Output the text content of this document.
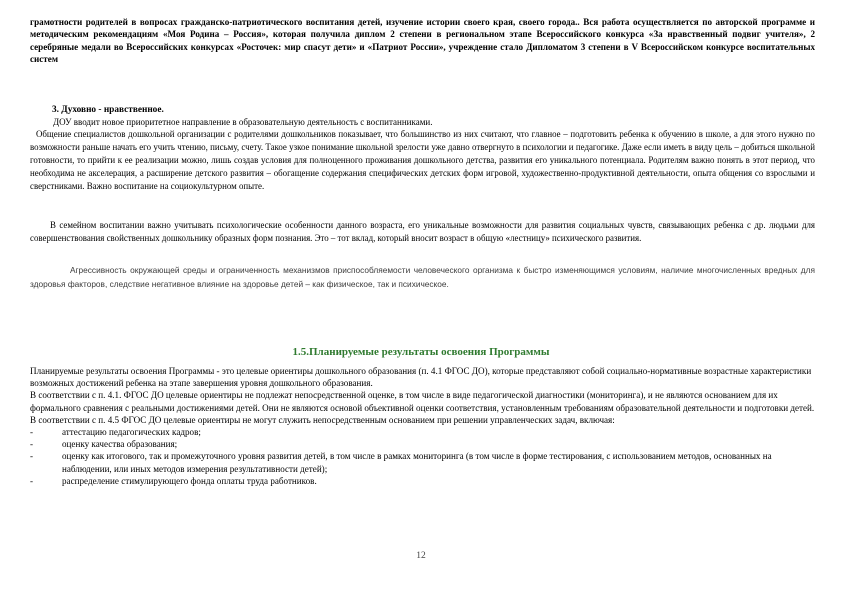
грамотности родителей в вопросах гражданско-патриотического воспитания детей, изучение истории своего края, своего города.. Вся работа осуществляется по авторской программе и методическим рекомендациям «Моя Родина – Россия», которая получила диплом 2 степени в региональном этапе Всероссийского конкурса «За нравственный подвиг учителя», 2 серебряные медали во Всероссийских конкурсах «Росточек: мир спасут дети» и «Патриот России», учреждение стало Дипломатом 3 степени в V Всероссийском конкурсе воспитательных систем

3. Духовно - нравственное.

ДОУ вводит новое приоритетное направление в образовательную деятельность с воспитанниками.

Общение специалистов дошкольной организации с родителями дошкольников показывает, что большинство из них считают, что главное – подготовить ребенка к обучению в школе, а для этого нужно по возможности раньше начать его учить чтению, письму, счету. Такое узкое понимание школьной зрелости уже давно отвергнуто в психологии и педагогике. Даже если иметь в виду цель – добиться школьной готовности, то прийти к ее реализации можно, лишь создав условия для полноценного проживания дошкольного детства, развития его уникального потенциала. Родителям важно понять в этот период, что необходима не акселерация, а расширение детского развития – обогащение содержания специфических детских форм игровой, художественно-продуктивной деятельности, опыта общения со взрослыми и сверстниками. Важно воспитание на социокультурном опыте.

В семейном воспитании важно учитывать психологические особенности данного возраста, его уникальные возможности для развития социальных чувств, связывающих ребенка с др. людьми для совершенствования свойственных дошкольнику образных форм познания. Это – тот вклад, который вносит возраст в общую «лестницу» психического развития.

Агрессивность окружающей среды и ограниченность механизмов приспособляемости человеческого организма к быстро изменяющимся условиям, наличие многочисленных вредных для здоровья факторов, следствие негативное влияние на здоровье детей – как физическое, так и психическое.

1.5.Планируемые результаты освоения Программы

Планируемые результаты освоения Программы - это целевые ориентиры дошкольного образования (п. 4.1 ФГОС ДО), которые представляют собой социально-нормативные возрастные характеристики возможных достижений ребенка на этапе завершения уровня дошкольного образования.

В соответствии с п. 4.1. ФГОС ДО целевые ориентиры не подлежат непосредственной оценке, в том числе в виде педагогической диагностики (мониторинга), и не являются основанием для их формального сравнения с реальными достижениями детей. Они не являются основой объективной оценки соответствия, установленным требованиям образовательной деятельности и подготовки детей.

В соответствии с п. 4.5 ФГОС ДО целевые ориентиры не могут служить непосредственным основанием при решении управленческих задач, включая:

-	аттестацию педагогических кадров;
-	оценку качества образования;
-	оценку как итогового, так и промежуточного уровня развития детей, в том числе в рамках мониторинга (в том числе в форме тестирования, с использованием методов, основанных на наблюдении, или иных методов измерения результативности детей);
-	распределение стимулирующего фонда оплаты труда работников.
12
